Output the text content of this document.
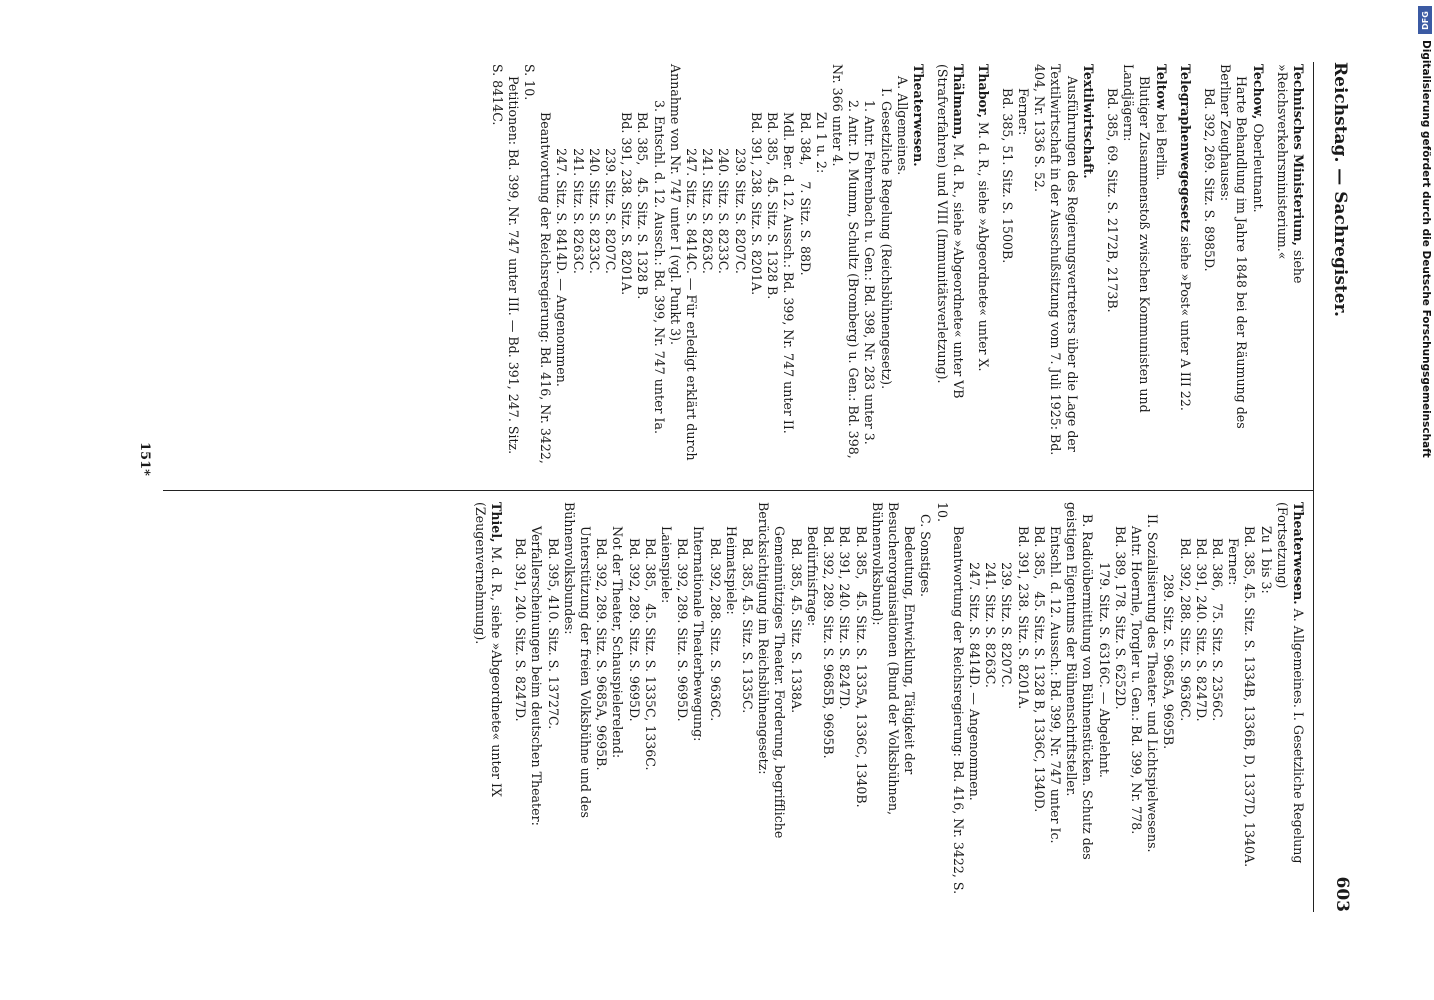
Reichstag. — Sachregister.
603

Technisches Ministerium, siehe »Reichsverkehrsministerium.«

Techow, Oberleutnant.
Harte Behandlung im Jahre 1848 bei der Räumung des Berliner Zeughauses:
Bd. 392, 269. Sitz. S. 8985D.

Telegraphenwegegesetz siehe »Post« unter A III 22.

Teltow bei Berlin.
Blutiger Zusammenstoß zwischen Kommunisten und Landjägern:
Bd. 385, 69. Sitz. S. 2172B, 2173B.

Textilwirtschaft.
Ausführungen des Regierungsvertreters über die Lage der Textilwirtschaft in der Ausschußsitzung vom 7. Juli 1925: Bd. 404, Nr. 1336 S. 52.
Ferner:
Bd. 385, 51. Sitz. S. 1500B.

Thabor, M. d. R., siehe »Abgeordnete« unter X.

Thälmann, M. d. R., siehe »Abgeordnete« unter VB (Strafverfahren) und VIII (Immunitätsverletzung).

Theaterwesen.
A. Allgemeines.
I. Gesetzliche Regelung (Reichsbühnengesetz).
1. Antr. Fehrenbach u. Gen.: Bd. 398, Nr. 283 unter 3.
2. Antr. D. Mumm, Schultz (Bromberg) u. Gen.: Bd. 398, Nr. 366 unter 4.
Zu 1 u. 2:
Bd. 384,    7. Sitz. S. 88D.
Mdl. Ber. d. 12. Aussch.: Bd. 399, Nr. 747 unter II.
Bd. 385,   45. Sitz. S. 1328 B.
Bd. 391, 238. Sitz. S. 8201A.
239. Sitz. S. 8207C.
240. Sitz. S. 8233C.
241. Sitz. S. 8263C.
247. Sitz. S. 8414C. — Für erledigt erklärt durch Annahme von Nr. 747 unter I (vgl. Punkt 3).
3. Entschl. d. 12. Aussch.: Bd. 399, Nr. 747 unter Ia.
Bd. 385,   45. Sitz. S. 1328 B.
Bd. 391, 238. Sitz. S. 8201A.
239. Sitz. S. 8207C.
240. Sitz. S. 8233C.
241. Sitz. S. 8263C.
247. Sitz. S. 8414D. — Angenommen.
Beantwortung der Reichsregierung: Bd. 416, Nr. 3422, S. 10.
Petitionen: Bd. 399, Nr. 747 unter III. — Bd. 391, 247. Sitz. S. 8414C.

Theaterwesen. A. Allgemeines. I. Gesetzliche Regelung (Fortsetzung)
Zu 1 bis 3:
Bd. 385, 45. Sitz. S. 1334B, 1336B, D, 1337D, 1340A.
Ferner:
Bd. 386,   75. Sitz. S. 2356C.
Bd. 391, 240. Sitz. S. 8247D.
Bd. 392, 288. Sitz. S. 9636C.
289. Sitz. S. 9685A, 9695B.
II. Sozialisierung des Theater- und Lichtspielwesens.
Antr. Hoernle, Torgler u. Gen.: Bd. 399, Nr. 778.
Bd. 389, 178. Sitz. S. 6252D.
179. Sitz. S. 6316C. — Abgelehnt.
B. Radioübermittlung von Bühnenstücken. Schutz des geistigen Eigentums der Bühnenschriftsteller.
Entschl. d. 12. Aussch.: Bd. 399, Nr. 747 unter Ic.
Bd. 385,   45. Sitz. S. 1328 B, 1336C, 1340D.
Bd. 391, 238. Sitz. S. 8201A.
239. Sitz. S. 8207C.
241. Sitz. S. 8263C.
247. Sitz. S. 8414D. — Angenommen.
Beantwortung der Reichsregierung: Bd. 416, Nr. 3422, S. 10.
C. Sonstiges.
Bedeutung, Entwicklung, Tätigkeit der Besucherorganisationen (Bund der Volksbühnen, Bühnenvolksbund):
Bd. 385,   45. Sitz. S. 1335A, 1336C, 1340B.
Bd. 391, 240. Sitz. S. 8247D.
Bd. 392, 289. Sitz. S. 9685B, 9695B.
Bedürfnisfrage:
Bd. 385, 45. Sitz. S. 1338A.
Gemeinnütziges Theater. Forderung, begriffliche Berücksichtigung im Reichsbühnengesetz:
Bd. 385, 45. Sitz. S. 1335C.
Heimatspiele:
Bd. 392, 288. Sitz. S. 9636C.
Internationale Theaterbewegung:
Bd. 392, 289. Sitz. S. 9695D.
Laienspiele:
Bd. 385,   45. Sitz. S. 1335C, 1336C.
Bd. 392, 289. Sitz. S. 9695D.
Not der Theater, Schauspielerelend:
Bd. 392, 289. Sitz. S. 9685A, 9695B.
Unterstützung der freien Volksbühne und des Bühnenvolksbundes:
Bd. 395, 410. Sitz. S. 13727C.
Verfallerscheinungen beim deutschen Theater:
Bd. 391, 240. Sitz. S. 8247D.

Thiel, M. d. R., siehe »Abgeordnete« unter IX (Zeugenvernehmung).

151*
DFG
Digitalisierung gefördert durch die Deutsche Forschungsgemeinschaft
